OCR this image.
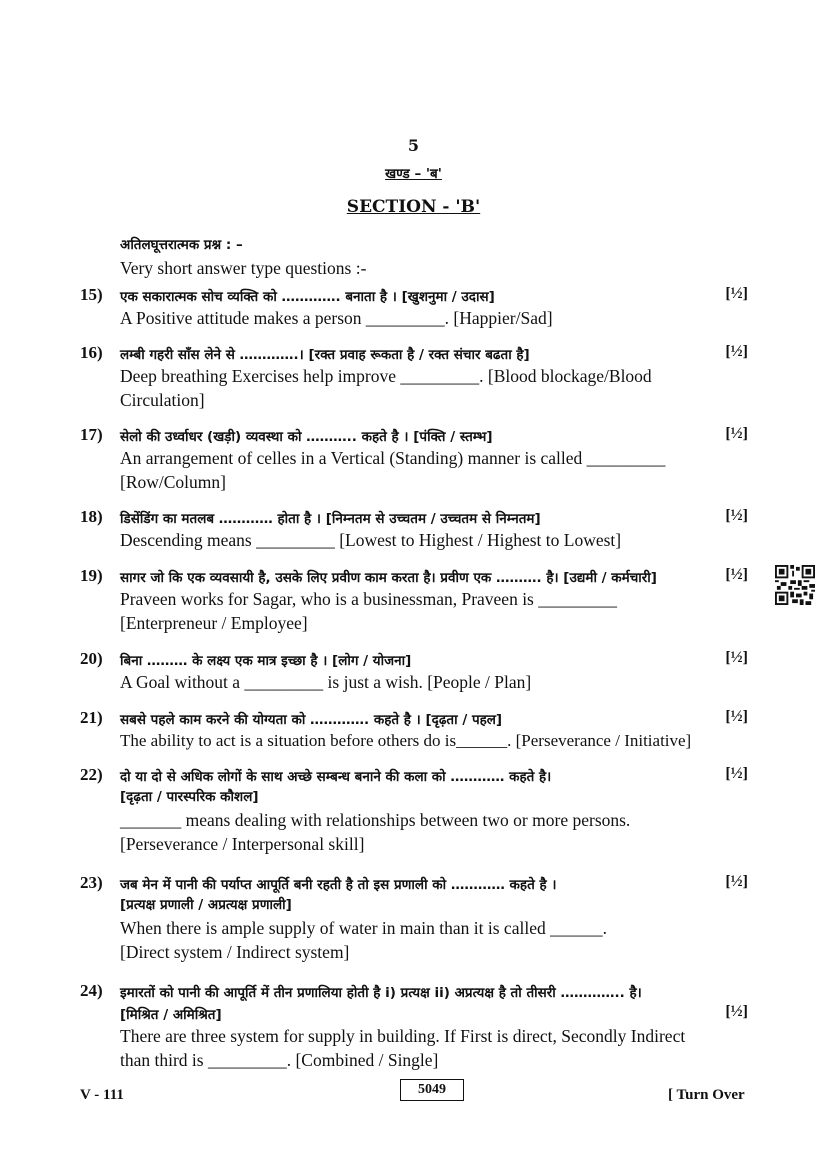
5
खण्ड – 'ब'
SECTION - 'B'
अतिलघूत्तरात्मक प्रश्न : –
Very short answer type questions :-
15) एक सकारात्मक सोच व्यक्ति को …………. बनाता है । [खुशनुमा / उदास]	[½]
A Positive attitude makes a person _________. [Happier/Sad]
16) लम्बी गहरी साँस लेने से ………….। [रक्त प्रवाह रूकता है / रक्त संचार बढता है]	[½]
Deep breathing Exercises help improve _________. [Blood blockage/Blood
Circulation]
17) सेलो की उर्ध्वाधर (खड़ी) व्यवस्था को ……….. कहते है । [पंक्ति / स्तम्भ]	[½]
An arrangement of celles in a Vertical (Standing) manner is called _________
[Row/Column]
18) डिसेंडिंग का मतलब ………… होता है । [निम्नतम से उच्चतम / उच्चतम से निम्नतम]	[½]
Descending means _________ [Lowest to Highest / Highest to Lowest]
19) सागर जो कि एक व्यवसायी है, उसके लिए प्रवीण काम करता है। प्रवीण एक ………. है। [उद्यमी / कर्मचारी]	[½]
Praveen works for Sagar, who is a businessman, Praveen is _________
[Enterpreneur / Employee]
20) बिना ……… के लक्ष्य एक मात्र इच्छा है । [लोग / योजना]	[½]
A Goal without a _________ is just a wish. [People / Plan]
21) सबसे पहले काम करने की योग्यता को …………. कहते है । [दृढ़ता / पहल]	[½]
The ability to act is a situation before others do is______. [Perseverance / Initiative]
22) दो या दो से अधिक लोगों के साथ अच्छे सम्बन्ध बनाने की कला को ………… कहते है।	[½]
[दृढ़ता / पारस्परिक कौशल]
_______ means dealing with relationships between two or more persons.
[Perseverance / Interpersonal skill]
23) जब मेन में पानी की पर्याप्त आपूर्ति बनी रहती है तो इस प्रणाली को ………… कहते है ।	[½]
[प्रत्यक्ष प्रणाली / अप्रत्यक्ष प्रणाली]
When there is ample supply of water in main than it is called ______.
[Direct system / Indirect system]
24) इमारतों को पानी की आपूर्ति में तीन प्रणालिया होती है i) प्रत्यक्ष ii) अप्रत्यक्ष है तो तीसरी ………….. है।
[मिश्रित / अमिश्रित]	[½]
There are three system for supply in building. If First is direct, Secondly Indirect
than third is _________. [Combined / Single]
V - 111	5049	[ Turn Over
